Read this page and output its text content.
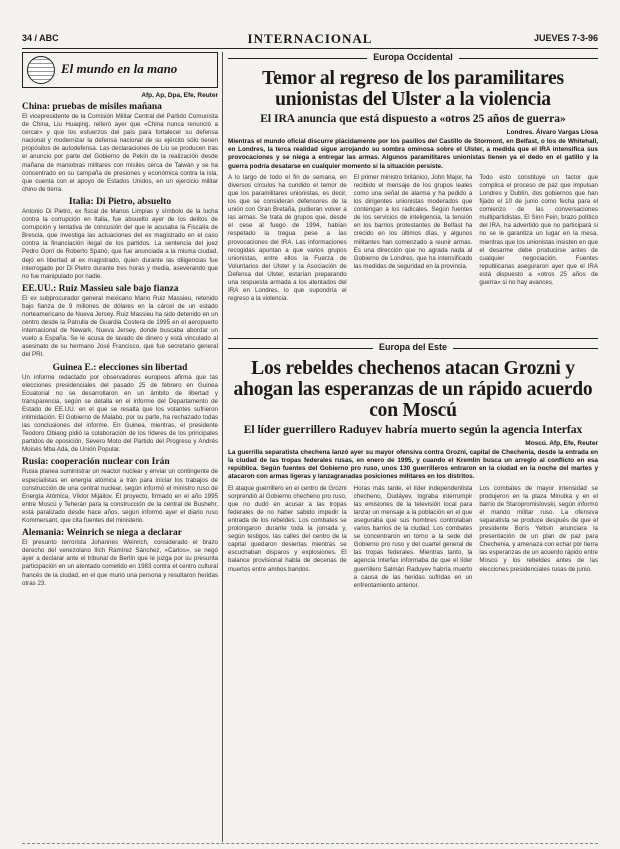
34 / ABC	INTERNACIONAL	JUEVES 7-3-96
El mundo en la mano
Afp, Ap, Dpa, Efe, Reuter
China: pruebas de misiles mañana

El vicepresidente de la Comisión Militar Central del Partido Comunista de China, Liu Huaqing, reiteró ayer que «China nunca renunció a cercar» y que los esfuerzos del país para fortalecer su defensa nacional y modernizar la defensa nacional de su ejército sólo tienen propósitos de autodefensa. Las declaraciones de Liu se producen tras el anuncio por parte del Gobierno de Pekín de la realización desde mañana de maniobras militares con misiles cerca de Taiwán y se ha concentrado en su campaña de presiones y económica contra la isla, que cuenta con el apoyo de Estados Unidos, en un ejercicio militar chino de tierra.

Italia: Di Pietro, absuelto

Antonio Di Pietro, ex fiscal de Manos Limpias y símbolo de la lucha contra la corrupción en Italia, fue absuelto ayer de los delitos de corrupción y tentativa de concusión del que le acusaba la Fiscalía de Brescia, que investiga las actuaciones del ex magistrado en el caso contra la financiación ilegal de los partidos. La sentencia del juez Pedro Gorri de Roberto Spanò, que fue anunciada a la misma ciudad, dejó en libertad al ex magistrado, quien durante las diligencias fue interrogado por Di Pietro durante tres horas y media, aseverando que no fue manipulado por nadie.

EE.UU.: Ruiz Massieu sale bajo fianza

El ex subprocurador general mexicano Mario Ruiz Massieu, retenido bajo fianza de 9 millones de dólares en la cárcel de un estado norteamericano de Nueva Jersey. Ruiz Massieu ha sido detenido en un centro desde la Patrulla de Guardia Costera de 1995 en el aeropuerto internacional de Newark, Nueva Jersey, donde buscaba abordar un vuelo a España. Se le acusa de lavado de dinero y está vinculado al asesinato de su hermano José Francisco, que fue secretario general del PRI.

Guinea E.: elecciones sin libertad

Un informe redactado por observadores europeos afirma que las elecciones presidenciales del pasado 25 de febrero en Guinea Ecuatorial no se desarrollaron en un ámbito de libertad y transparencia, según se detalla en el informe del Departamento de Estado de EE.UU. en el que se resalta que los votantes sufrieron intimidación. El Gobierno de Malabo, por su parte, ha rechazado todas las conclusiones del informe. En Guinea, mientras, el presidente Teodoro Obiang pidió la colaboración de los líderes de los principales partidos de oposición, Severo Moto del Partido del Progreso y Andrés Moisés Mba Ada, de Unión Popular.

Rusia: cooperación nuclear con Irán

Rusia planea suministrar un reactor nuclear y enviar un contingente de especialistas en energía atómica a Irán para iniciar los trabajos de construcción de una central nuclear, según informó el ministro ruso de Energía Atómica, Víktor Mijáilov. El proyecto, firmado en el año 1995 entre Moscú y Teherán para la construcción de la central de Bushehr, está paralizado desde hace años, según informó ayer el diario ruso Kommersant, que cita fuentes del ministerio.

Alemania: Weinrich se niega a declarar

El presunto terrorista Johannes Weinrich, considerado el brazo derecho del venezolano Ilich Ramírez Sánchez, «Carlos», se negó ayer a declarar ante el tribunal de Berlín que le juzga por su presunta participación en un atentado cometido en 1983 contra el centro cultural francés de la ciudad, en el que murió una persona y resultaron heridas otras 23.

Europa Occidental
Temor al regreso de los paramilitares unionistas del Ulster a la violencia
El IRA anuncia que está dispuesto a «otros 25 años de guerra»
Londres. Álvaro Vargas Llosa
Mientras el mundo oficial discurre plácidamente por los pasillos del Castillo de Stormont, en Belfast, o los de Whitehall, en Londres, la terca realidad sigue arrojando su sombra ominosa sobre el Ulster, a medida que el IRA intensifica sus provocaciones y se niega a entregar las armas. Algunos paramilitares unionistas tienen ya el dedo en el gatillo y la guerra podría desatarse en cualquier momento si la situación persiste.

A lo largo de todo el fin de semana, en diversos círculos ha cundido el temor de que los paramilitares unionistas, es decir, los que se consideran defensores de la unión con Gran Bretaña, pudieran volver a las armas. Se trata de grupos que, desde el cese al fuego de 1994, habían respetado la tregua pese a las provocaciones del IRA. Las informaciones recogidas apuntan a que varios grupos unionistas, entre ellos la Fuerza de Voluntarios del Ulster y la Asociación de Defensa del Ulster, estarían preparando una respuesta armada a los atentados del IRA en Londres, lo que supondría el regreso a la violencia.

El primer ministro británico, John Major, ha recibido el mensaje de los grupos leales como una señal de alarma y ha pedido a los dirigentes unionistas moderados que contengan a los radicales. Según fuentes de los servicios de inteligencia, la tensión en los barrios protestantes de Belfast ha crecido en los últimos días, y algunos militantes han comenzado a reunir armas. Es una dirección que no agrada nada al Gobierno de Londres, que ha intensificado las medidas de seguridad en la provincia.

Todo esto constituye un factor que complica el proceso de paz que impulsan Londres y Dublín, dos gobiernos que han fijado el 10 de junio como fecha para el comienzo de las conversaciones multipartidistas. El Sinn Fein, brazo político del IRA, ha advertido que no participará si no se le garantiza un lugar en la mesa, mientras que los unionistas insisten en que el desarme debe producirse antes de cualquier negociación. Fuentes republicanas aseguraron ayer que el IRA está dispuesto a «otros 25 años de guerra» si no hay avances.

Europa del Este
Los rebeldes chechenos atacan Grozni y ahogan las esperanzas de un rápido acuerdo con Moscú
El líder guerrillero Raduyev habría muerto según la agencia Interfax
Moscú. Afp, Efe, Reuter
La guerrilla separatista chechena lanzó ayer su mayor ofensiva contra Grozni, capital de Chechenia, desde la entrada en la ciudad de las tropas federales rusas, en enero de 1995, y cuando el Kremlin busca un arreglo al conflicto en esa república. Según fuentes del Gobierno pro ruso, unos 130 guerrilleros entraron en la ciudad en la noche del martes y atacaron con armas ligeras y lanzagranadas posiciones militares en los distritos.

El ataque guerrillero en el centro de Grozni sorprendió al Gobierno checheno pro ruso, que no dudó en acusar a las tropas federales de no haber sabido impedir la entrada de los rebeldes. Los combates se prolongaron durante toda la jornada y, según testigos, las calles del centro de la capital quedaron desiertas mientras se escuchaban disparos y explosiones. El balance provisional habla de decenas de muertos entre ambos bandos.

Horas más tarde, el líder independentista checheno, Dudáyev, lograba interrumpir las emisiones de la televisión local para lanzar un mensaje a la población en el que aseguraba que sus hombres controlaban varios barrios de la ciudad. Los combates se concentraron en torno a la sede del Gobierno pro ruso y del cuartel general de las tropas federales. Mientras tanto, la agencia Interfax informaba de que el líder guerrillero Salmán Raduyev habría muerto a causa de las heridas sufridas en un enfrentamiento anterior.

Los combates de mayor intensidad se produjeron en la plaza Minutka y en el barrio de Staropromislovski, según informó el mando militar ruso. La ofensiva separatista se produce después de que el presidente Borís Yeltsin anunciara la presentación de un plan de paz para Chechenia, y amenaza con echar por tierra las esperanzas de un acuerdo rápido entre Moscú y los rebeldes antes de las elecciones presidenciales rusas de junio.
